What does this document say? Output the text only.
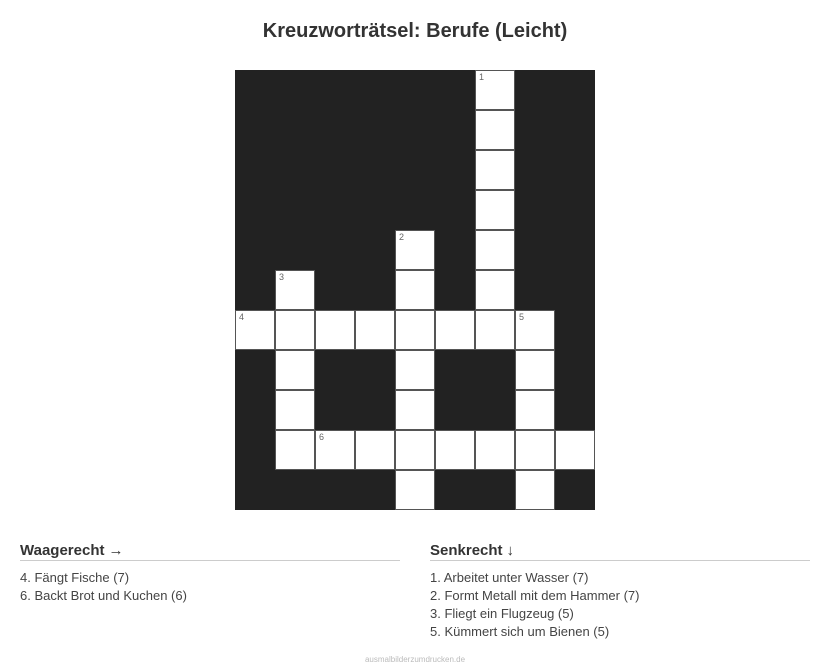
Kreuzworträtsel: Berufe (Leicht)
1
2
3
4	5
6
Waagerecht →
4. Fängt Fische (7)
6. Backt Brot und Kuchen (6)
Senkrecht ↓
1. Arbeitet unter Wasser (7)
2. Formt Metall mit dem Hammer (7)
3. Fliegt ein Flugzeug (5)
5. Kümmert sich um Bienen (5)
ausmalbilderzumdrucken.de
